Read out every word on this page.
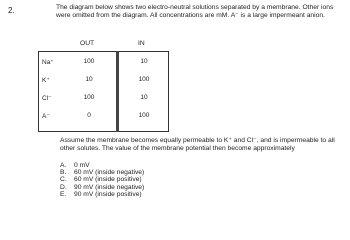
2.	The diagram below shows two electro-neutral solutions separated by a membrane. Other ions were omitted from the diagram. All concentrations are mM. A⁻ is a large impermeant anion.
OUT	IN
Na⁺	100	10
K⁺	10	100
Cl⁻	100	10
A⁻	0	100
Assume the membrane becomes equally permeable to K⁺ and Cl⁻, and is impermeable to all other solutes. The value of the membrane potential then become approximately
A.	0 mV
B.	60 mV (inside negative)
C.	60 mV (inside positive)
D.	90 mV (inside negative)
E.	90 mV (inside positive)
